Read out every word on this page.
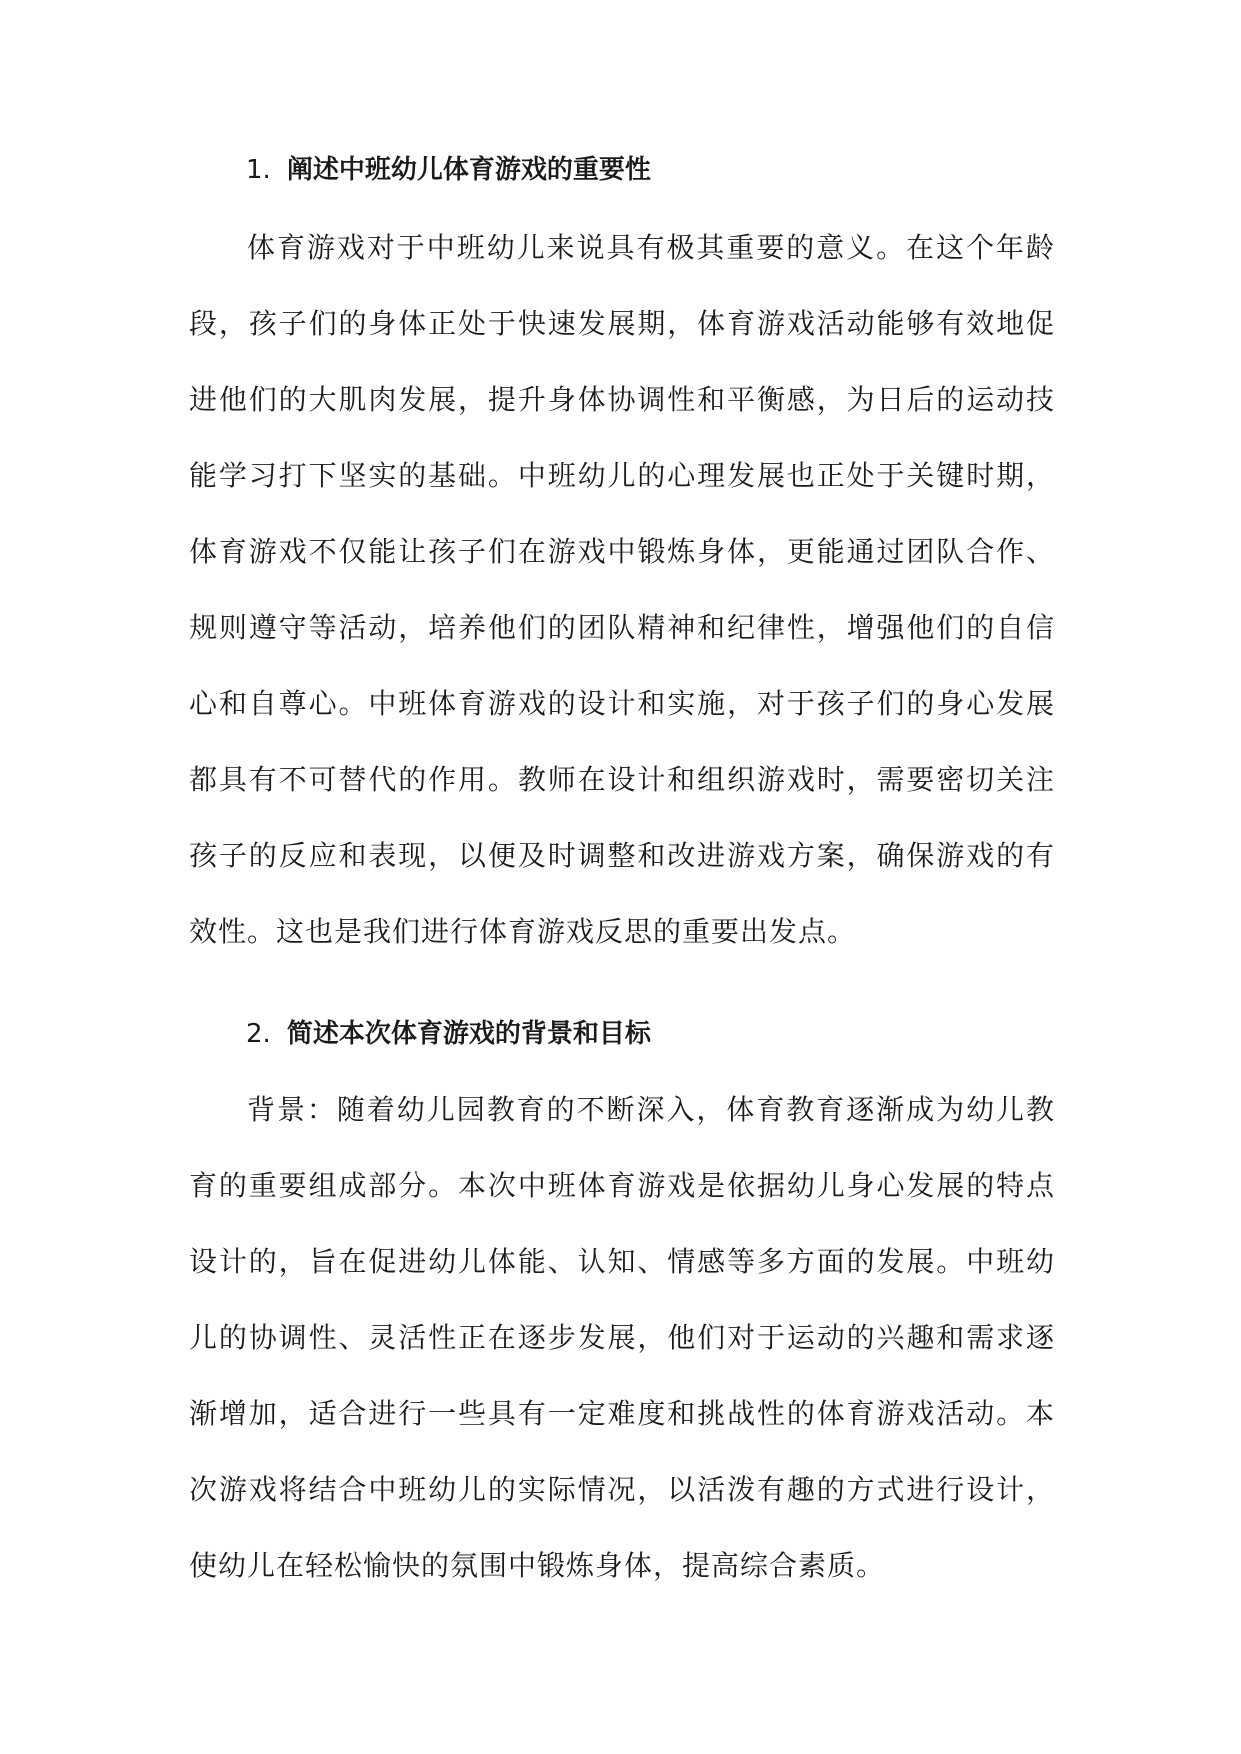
1. 阐述中班幼儿体育游戏的重要性

体育游戏对于中班幼儿来说具有极其重要的意义。在这个年龄段，孩子们的身体正处于快速发展期，体育游戏活动能够有效地促进他们的大肌肉发展，提升身体协调性和平衡感，为日后的运动技能学习打下坚实的基础。中班幼儿的心理发展也正处于关键时期，体育游戏不仅能让孩子们在游戏中锻炼身体，更能通过团队合作、规则遵守等活动，培养他们的团队精神和纪律性，增强他们的自信心和自尊心。中班体育游戏的设计和实施，对于孩子们的身心发展都具有不可替代的作用。教师在设计和组织游戏时，需要密切关注孩子的反应和表现，以便及时调整和改进游戏方案，确保游戏的有效性。这也是我们进行体育游戏反思的重要出发点。

2. 简述本次体育游戏的背景和目标

背景：随着幼儿园教育的不断深入，体育教育逐渐成为幼儿教育的重要组成部分。本次中班体育游戏是依据幼儿身心发展的特点设计的，旨在促进幼儿体能、认知、情感等多方面的发展。中班幼儿的协调性、灵活性正在逐步发展，他们对于运动的兴趣和需求逐渐增加，适合进行一些具有一定难度和挑战性的体育游戏活动。本次游戏将结合中班幼儿的实际情况，以活泼有趣的方式进行设计，使幼儿在轻松愉快的氛围中锻炼身体，提高综合素质。
